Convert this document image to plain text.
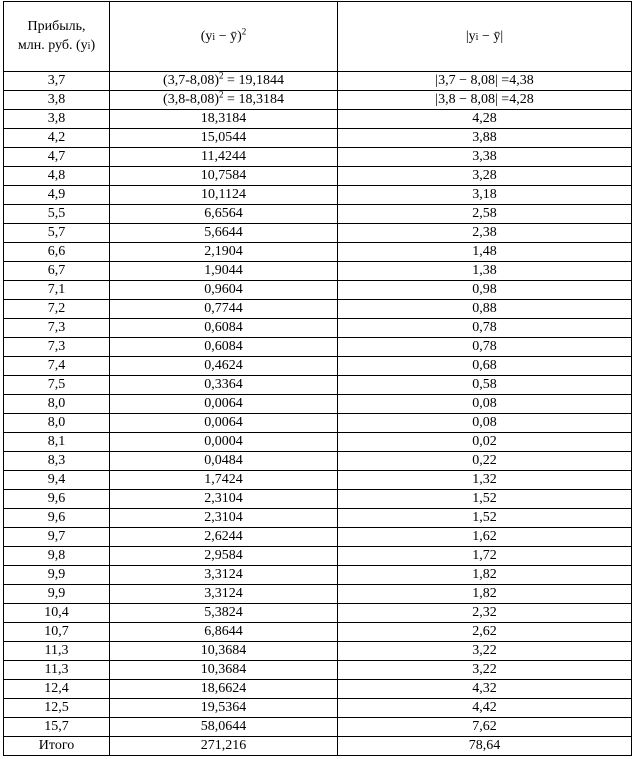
Прибыль,
млн. руб. (yi)	(yi − ȳ)$^2$	|yi − ȳ|
3,7	$(3,7-8,08)^2 = 19,1844$	|3,7 − 8,08| =4,38
3,8	$(3,8-8,08)^2 = 18,3184$	|3,8 − 8,08| =4,28
3,8	18,3184	4,28
4,2	15,0544	3,88
4,7	11,4244	3,38
4,8	10,7584	3,28
4,9	10,1124	3,18
5,5	6,6564	2,58
5,7	5,6644	2,38
6,6	2,1904	1,48
6,7	1,9044	1,38
7,1	0,9604	0,98
7,2	0,7744	0,88
7,3	0,6084	0,78
7,3	0,6084	0,78
7,4	0,4624	0,68
7,5	0,3364	0,58
8,0	0,0064	0,08
8,0	0,0064	0,08
8,1	0,0004	0,02
8,3	0,0484	0,22
9,4	1,7424	1,32
9,6	2,3104	1,52
9,6	2,3104	1,52
9,7	2,6244	1,62
9,8	2,9584	1,72
9,9	3,3124	1,82
9,9	3,3124	1,82
10,4	5,3824	2,32
10,7	6,8644	2,62
11,3	10,3684	3,22
11,3	10,3684	3,22
12,4	18,6624	4,32
12,5	19,5364	4,42
15,7	58,0644	7,62
Итого	271,216	78,64
